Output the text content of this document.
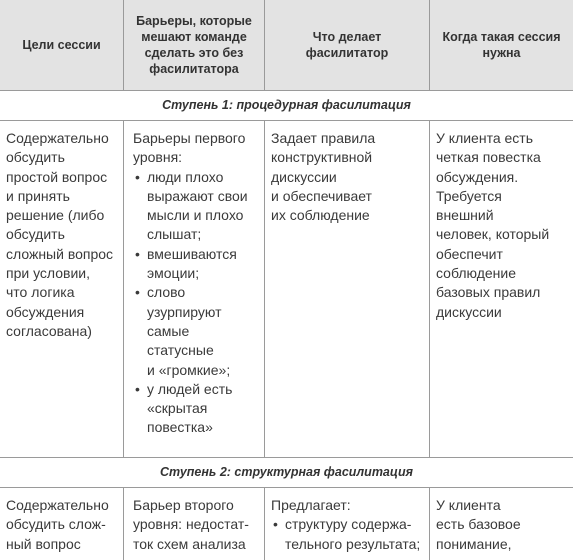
Цели сессии
Барьеры, которые
мешают команде
сделать это без
фасилитатора
Что делает
фасилитатор
Когда такая сессия
нужна
Ступень 1: процедурная фасилитация
Содержательно
обсудить
простой вопрос
и принять
решение (либо
обсудить
сложный вопрос
при условии,
что логика
обсуждения
согласована)
Барьеры первого
уровня:
• люди плохо
выражают свои
мысли и плохо
слышат;
• вмешиваются
эмоции;
• слово
узурпируют
самые
статусные
и «громкие»;
• у людей есть
«скрытая
повестка»
Задает правила
конструктивной
дискуссии
и обеспечивает
их соблюдение
У клиента есть
четкая повестка
обсуждения.
Требуется
внешний
человек, который
обеспечит
соблюдение
базовых правил
дискуссии
Ступень 2: структурная фасилитация
Содержательно
обсудить слож-
ный вопрос
Барьер второго
уровня: недостат-
ток схем анализа

Предлагает:

• структуру содержа-
тельного результата;
У клиента
есть базовое
понимание,
